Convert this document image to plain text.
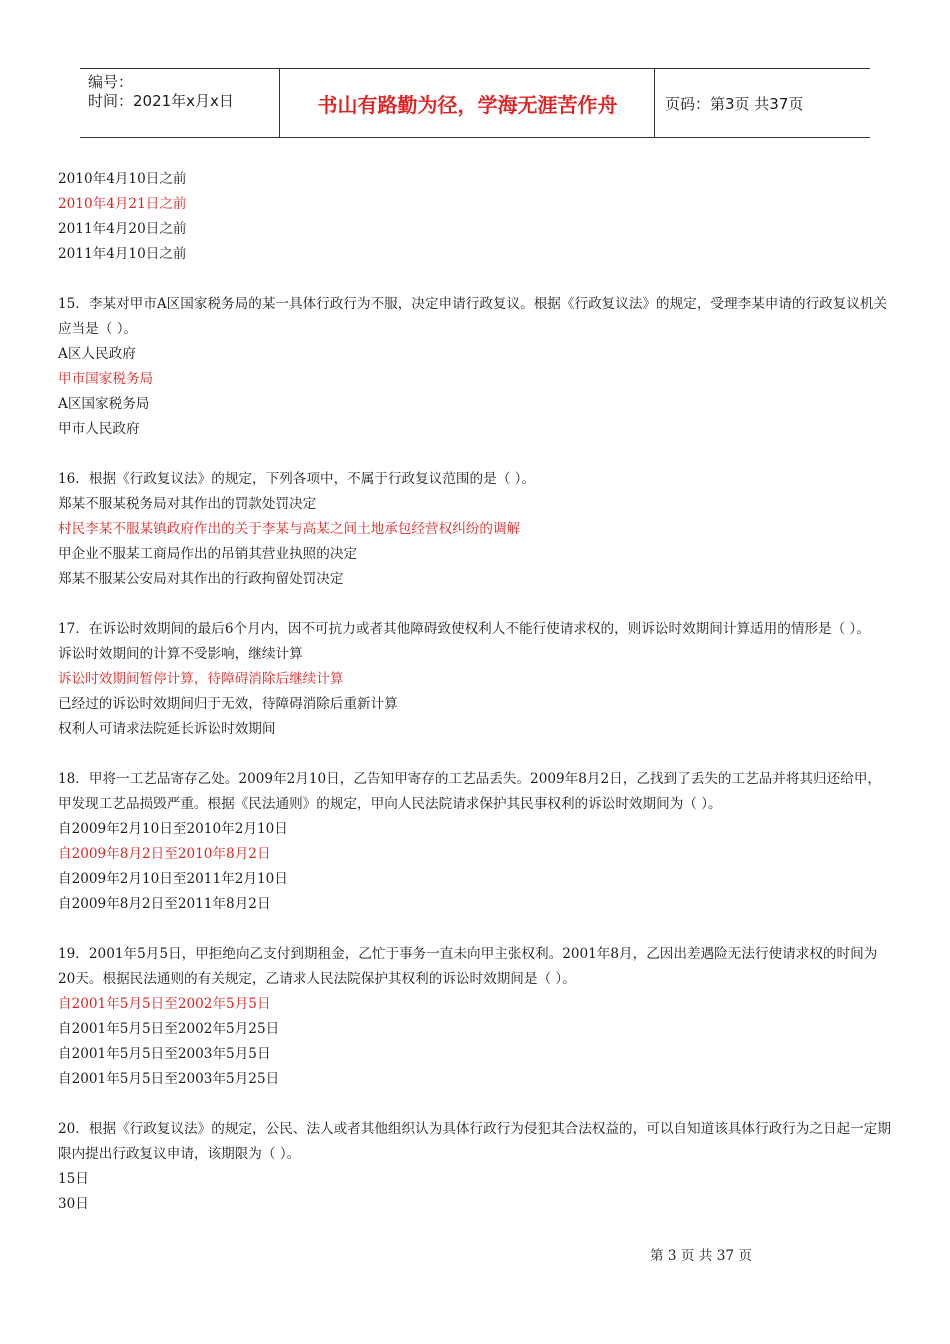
编号：
时间：2021年x月x日	书山有路勤为径，学海无涯苦作舟	页码：第3页 共37页
2010年4月10日之前
2010年4月21日之前
2011年4月20日之前
2011年4月10日之前
15．李某对甲市A区国家税务局的某一具体行政行为不服，决定申请行政复议。根据《行政复议法》的规定，受理李某申请的行政复议机关应当是（ ）。
A区人民政府
甲市国家税务局
A区国家税务局
甲市人民政府
16．根据《行政复议法》的规定，下列各项中，不属于行政复议范围的是（ ）。
郑某不服某税务局对其作出的罚款处罚决定
村民李某不服某镇政府作出的关于李某与高某之间土地承包经营权纠纷的调解
甲企业不服某工商局作出的吊销其营业执照的决定
郑某不服某公安局对其作出的行政拘留处罚决定
17．在诉讼时效期间的最后6个月内，因不可抗力或者其他障碍致使权利人不能行使请求权的，则诉讼时效期间计算适用的情形是（ ）。
诉讼时效期间的计算不受影响，继续计算
诉讼时效期间暂停计算，待障碍消除后继续计算
已经过的诉讼时效期间归于无效，待障碍消除后重新计算
权利人可请求法院延长诉讼时效期间
18．甲将一工艺品寄存乙处。2009年2月10日，乙告知甲寄存的工艺品丢失。2009年8月2日，乙找到了丢失的工艺品并将其归还给甲，甲发现工艺品损毁严重。根据《民法通则》的规定，甲向人民法院请求保护其民事权利的诉讼时效期间为（ ）。
自2009年2月10日至2010年2月10日
自2009年8月2日至2010年8月2日
自2009年2月10日至2011年2月10日
自2009年8月2日至2011年8月2日
19．2001年5月5日，甲拒绝向乙支付到期租金，乙忙于事务一直未向甲主张权利。2001年8月，乙因出差遇险无法行使请求权的时间为20天。根据民法通则的有关规定，乙请求人民法院保护其权利的诉讼时效期间是（ ）。
自2001年5月5日至2002年5月5日
自2001年5月5日至2002年5月25日
自2001年5月5日至2003年5月5日
自2001年5月5日至2003年5月25日
20．根据《行政复议法》的规定，公民、法人或者其他组织认为具体行政行为侵犯其合法权益的，可以自知道该具体行政行为之日起一定期限内提出行政复议申请，该期限为（ ）。
15日
30日
第 3 页 共 37 页
